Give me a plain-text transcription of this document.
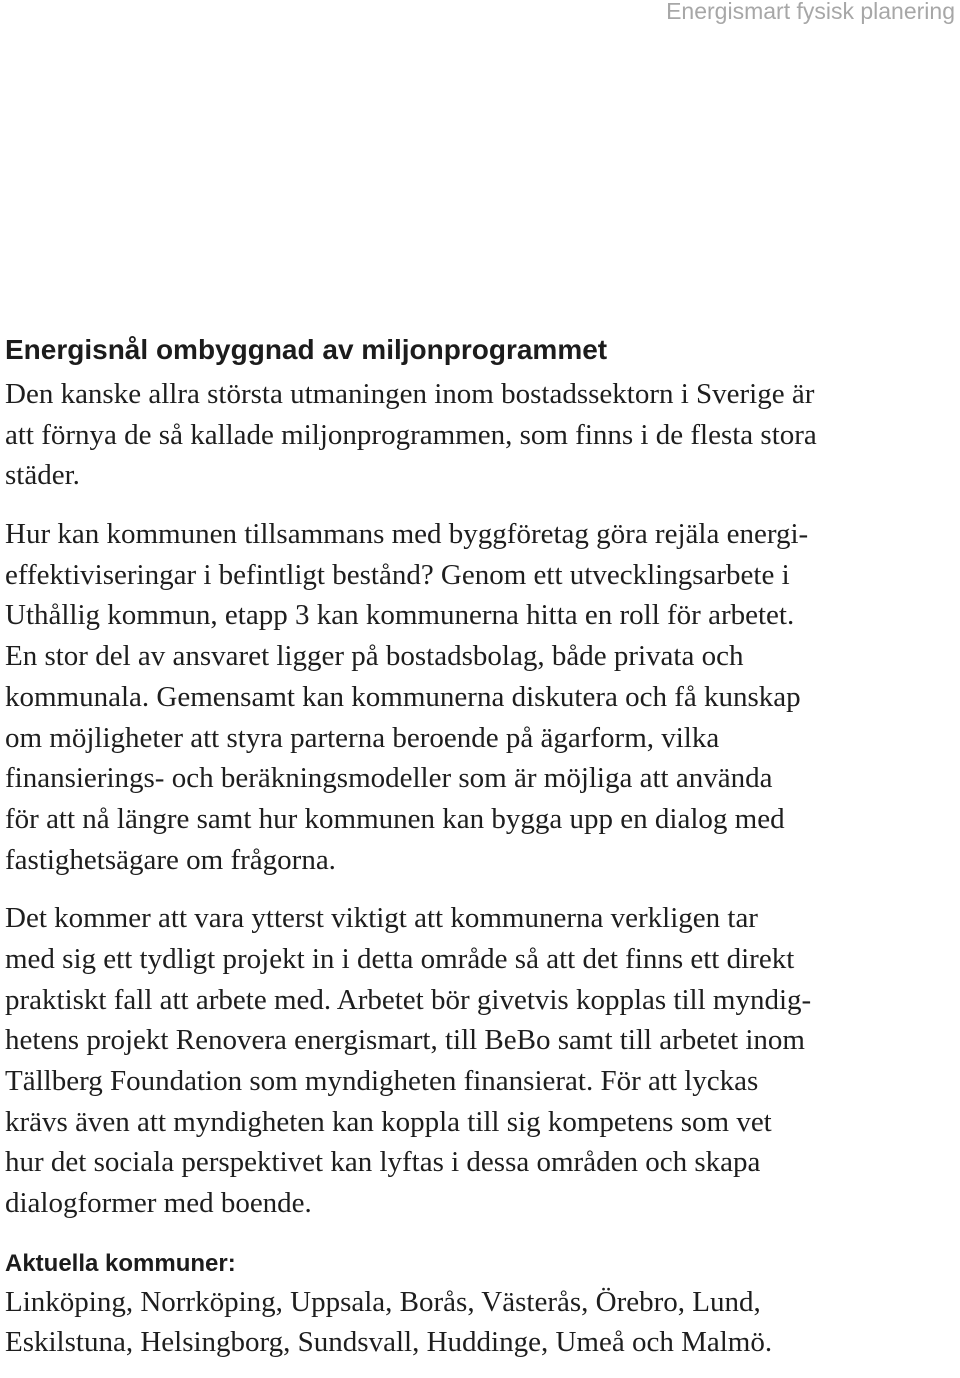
Energismart fysisk planering
Energisnål ombyggnad av miljonprogrammet

Den kanske allra största utmaningen inom bostadssektorn i Sverige är
att förnya de så kallade miljonprogrammen, som finns i de flesta stora
städer.

Hur kan kommunen tillsammans med byggföretag göra rejäla energi-
effektiviseringar i befintligt bestånd? Genom ett utvecklingsarbete i
Uthållig kommun, etapp 3 kan kommunerna hitta en roll för arbetet.
En stor del av ansvaret ligger på bostadsbolag, både privata och
kommunala. Gemensamt kan kommunerna diskutera och få kunskap
om möjligheter att styra parterna beroende på ägarform, vilka
finansierings- och beräkningsmodeller som är möjliga att använda
för att nå längre samt hur kommunen kan bygga upp en dialog med
fastighetsägare om frågorna.

Det kommer att vara ytterst viktigt att kommunerna verkligen tar
med sig ett tydligt projekt in i detta område så att det finns ett direkt
praktiskt fall att arbete med. Arbetet bör givetvis kopplas till myndig-
hetens projekt Renovera energismart, till BeBo samt till arbetet inom
Tällberg Foundation som myndigheten finansierat. För att lyckas
krävs även att myndigheten kan koppla till sig kompetens som vet
hur det sociala perspektivet kan lyftas i dessa områden och skapa
dialogformer med boende.

Aktuella kommuner:

Linköping, Norrköping, Uppsala, Borås, Västerås, Örebro, Lund,
Eskilstuna, Helsingborg, Sundsvall, Huddinge, Umeå och Malmö.
